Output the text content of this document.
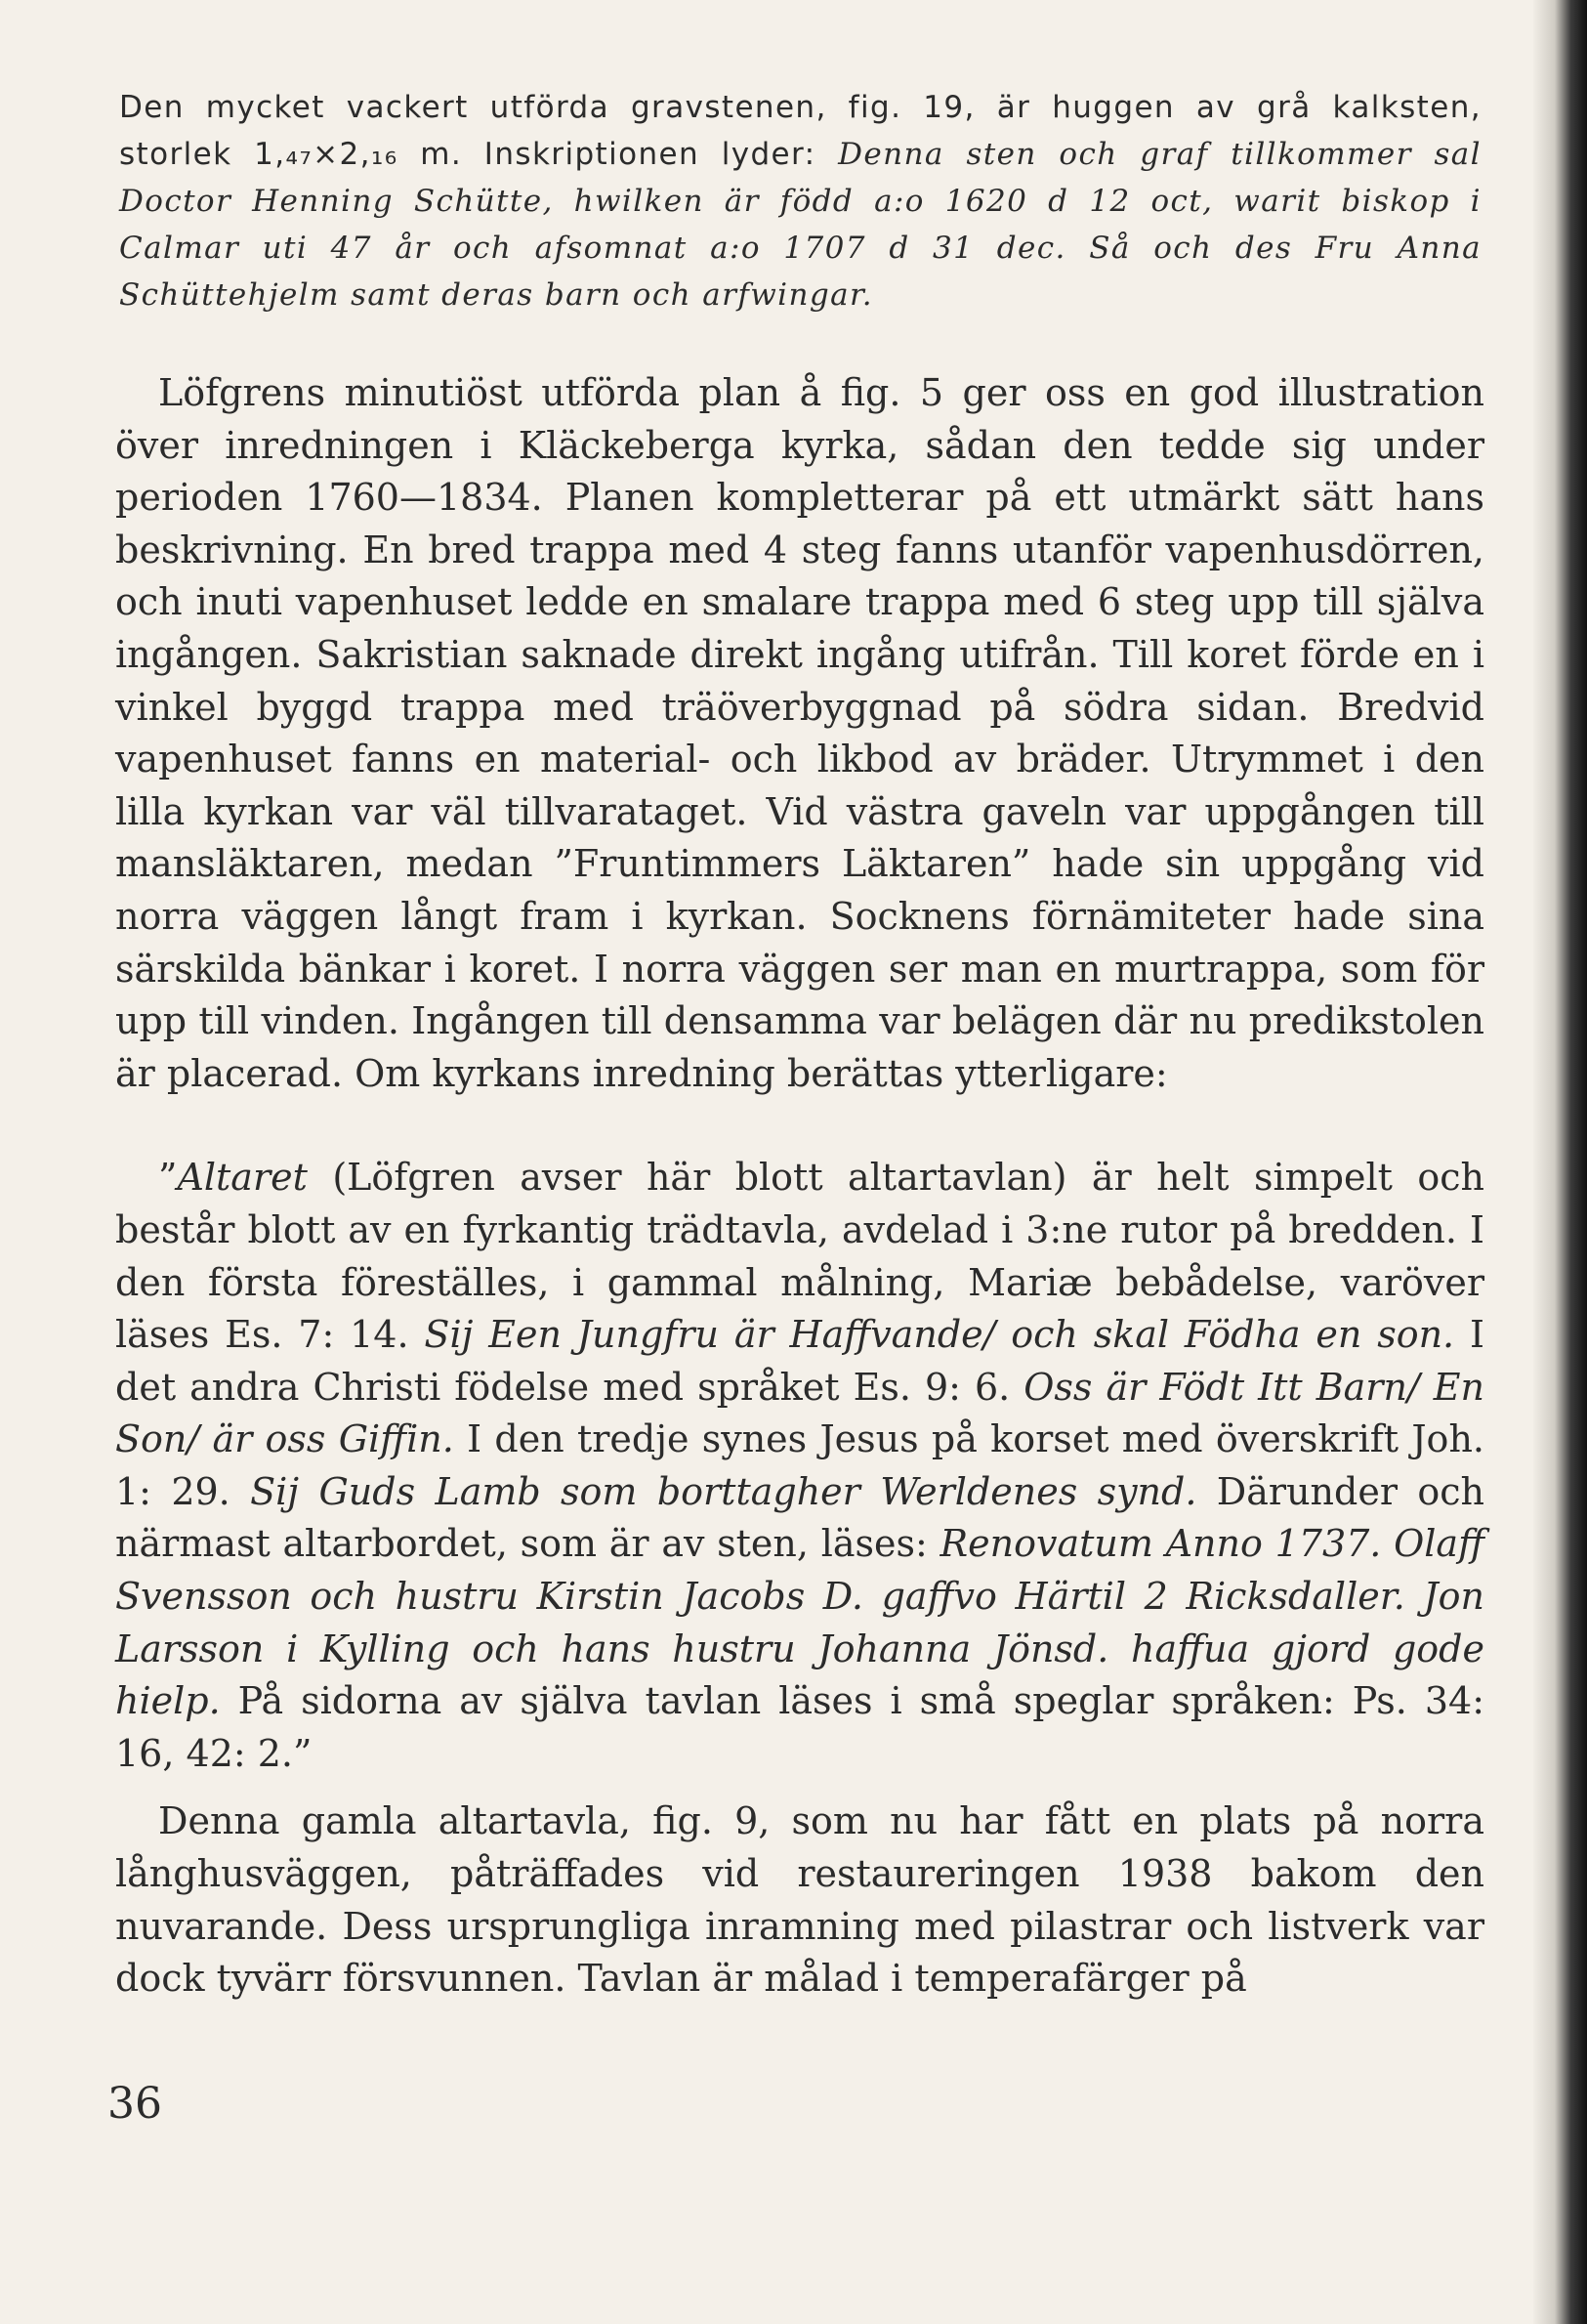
Den mycket vackert utförda gravstenen, fig. 19, är huggen av grå kalksten, storlek 1,₄₇×2,₁₆ m. Inskriptionen lyder: Denna sten och graf tillkommer sal Doctor Henning Schütte, hwilken är född a:o 1620 d 12 oct, warit biskop i Calmar uti 47 år och afsomnat a:o 1707 d 31 dec. Så och des Fru Anna Schüttehjelm samt deras barn och arfwingar.

Löfgrens minutiöst utförda plan å fig. 5 ger oss en god illustration över inredningen i Kläckeberga kyrka, sådan den tedde sig under perioden 1760—1834. Planen kompletterar på ett utmärkt sätt hans beskrivning. En bred trappa med 4 steg fanns utanför vapenhusdörren, och inuti vapenhuset ledde en smalare trappa med 6 steg upp till själva ingången. Sakristian saknade direkt ingång utifrån. Till koret förde en i vinkel byggd trappa med träöverbyggnad på södra sidan. Bredvid vapenhuset fanns en material- och likbod av bräder. Utrymmet i den lilla kyrkan var väl tillvarataget. Vid västra gaveln var uppgången till mansläktaren, medan ”Fruntimmers Läktaren” hade sin uppgång vid norra väggen långt fram i kyrkan. Socknens förnämiteter hade sina särskilda bänkar i koret. I norra väggen ser man en murtrappa, som för upp till vinden. Ingången till densamma var belägen där nu predikstolen är placerad. Om kyrkans inredning berättas ytterligare:

”Altaret (Löfgren avser här blott altartavlan) är helt simpelt och består blott av en fyrkantig trädtavla, avdelad i 3:ne rutor på bredden. I den första föreställes, i gammal målning, Mariæ bebådelse, varöver läses Es. 7: 14. Sij Een Jungfru är Haffvande/ och skal Födha en son. I det andra Christi födelse med språket Es. 9: 6. Oss är Födt Itt Barn/ En Son/ är oss Giffin. I den tredje synes Jesus på korset med överskrift Joh. 1: 29. Sij Guds Lamb som borttagher Werldenes synd. Därunder och närmast altarbordet, som är av sten, läses: Renovatum Anno 1737. Olaff Svensson och hustru Kirstin Jacobs D. gaffvo Härtil 2 Ricksdaller. Jon Larsson i Kylling och hans hustru Johanna Jönsd. haffua gjord gode hielp. På sidorna av själva tavlan läses i små speglar språken: Ps. 34: 16, 42: 2.”

Denna gamla altartavla, fig. 9, som nu har fått en plats på norra långhusväggen, påträffades vid restaureringen 1938 bakom den nuvarande. Dess ursprungliga inramning med pilastrar och listverk var dock tyvärr försvunnen. Tavlan är målad i temperafärger på

36
